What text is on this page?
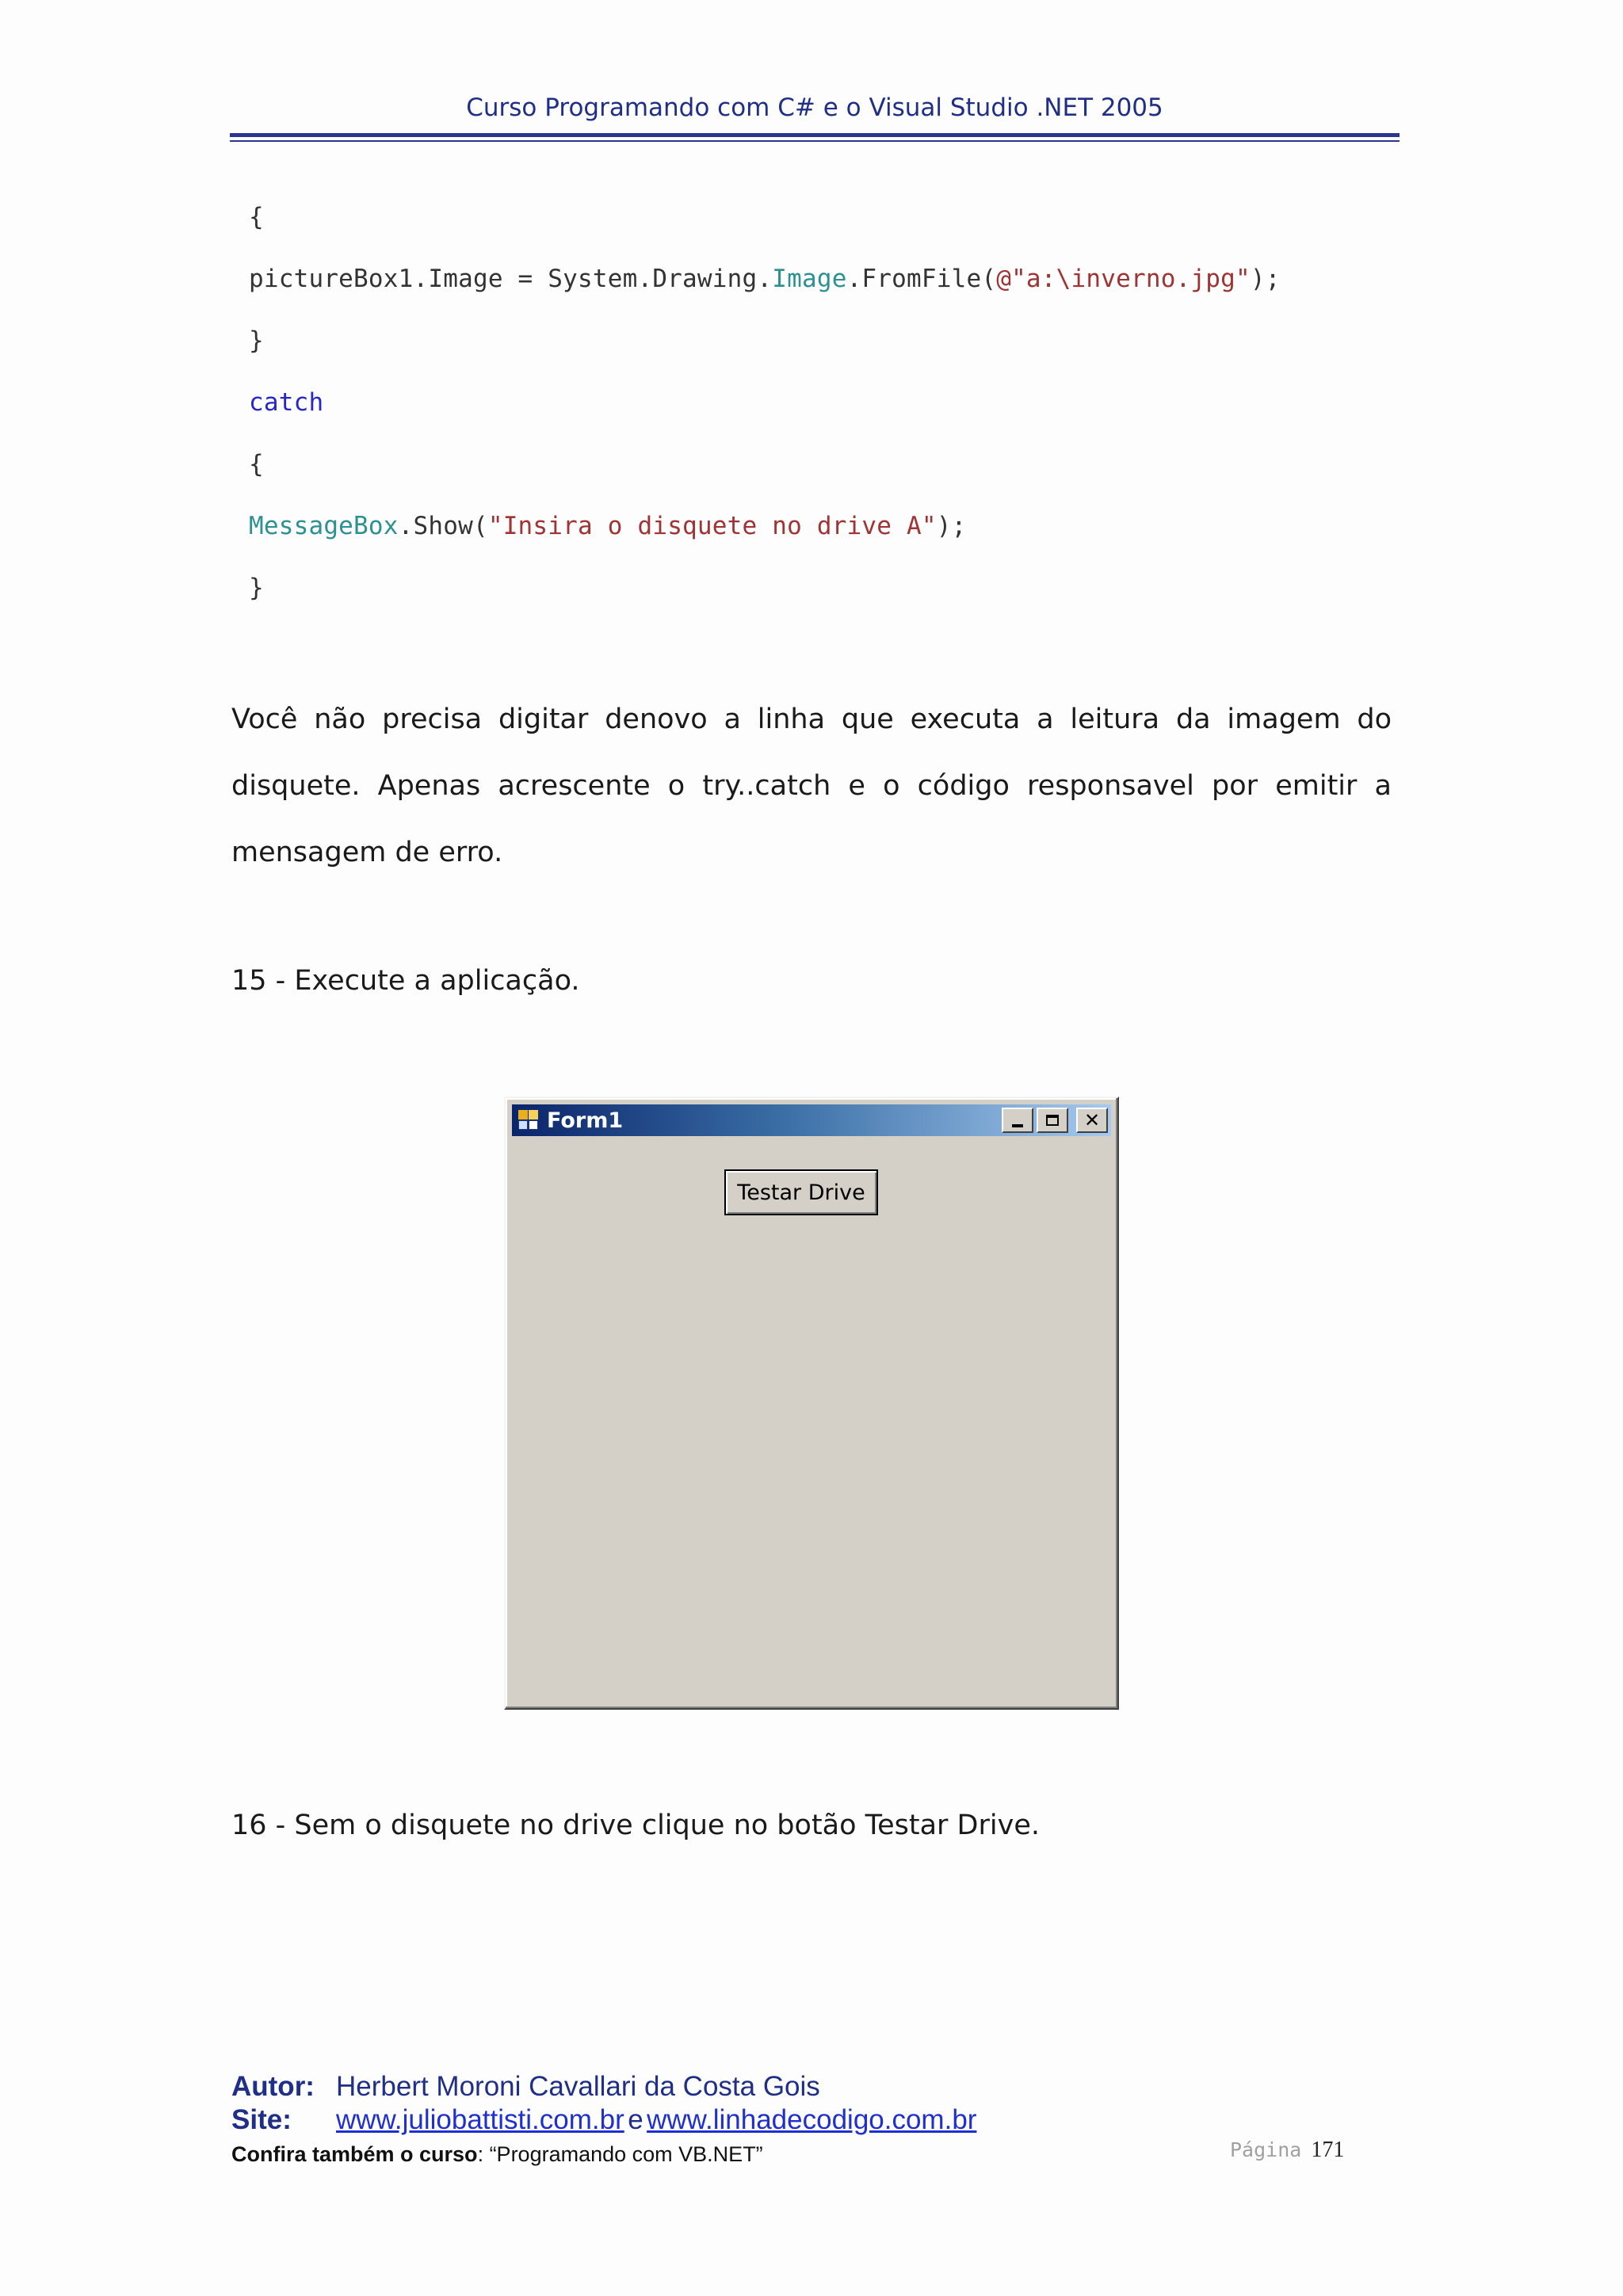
Curso Programando com C# e o Visual Studio .NET 2005
{
pictureBox1.Image = System.Drawing.Image.FromFile(@"a:\inverno.jpg");
}
catch
{
MessageBox.Show("Insira o disquete no drive A");
}
Você não precisa digitar denovo a linha que executa a leitura da imagem do disquete. Apenas acrescente o try..catch e o código responsavel por emitir a mensagem de erro.
15 - Execute a aplicação.
Form1	✕
Testar Drive
16 - Sem o disquete no drive clique no botão Testar Drive.
Autor: Herbert Moroni Cavallari da Costa Gois
Site: www.juliobattisti.com.br e www.linhadecodigo.com.br
Confira também o curso: “Programando com VB.NET”	Página 171
